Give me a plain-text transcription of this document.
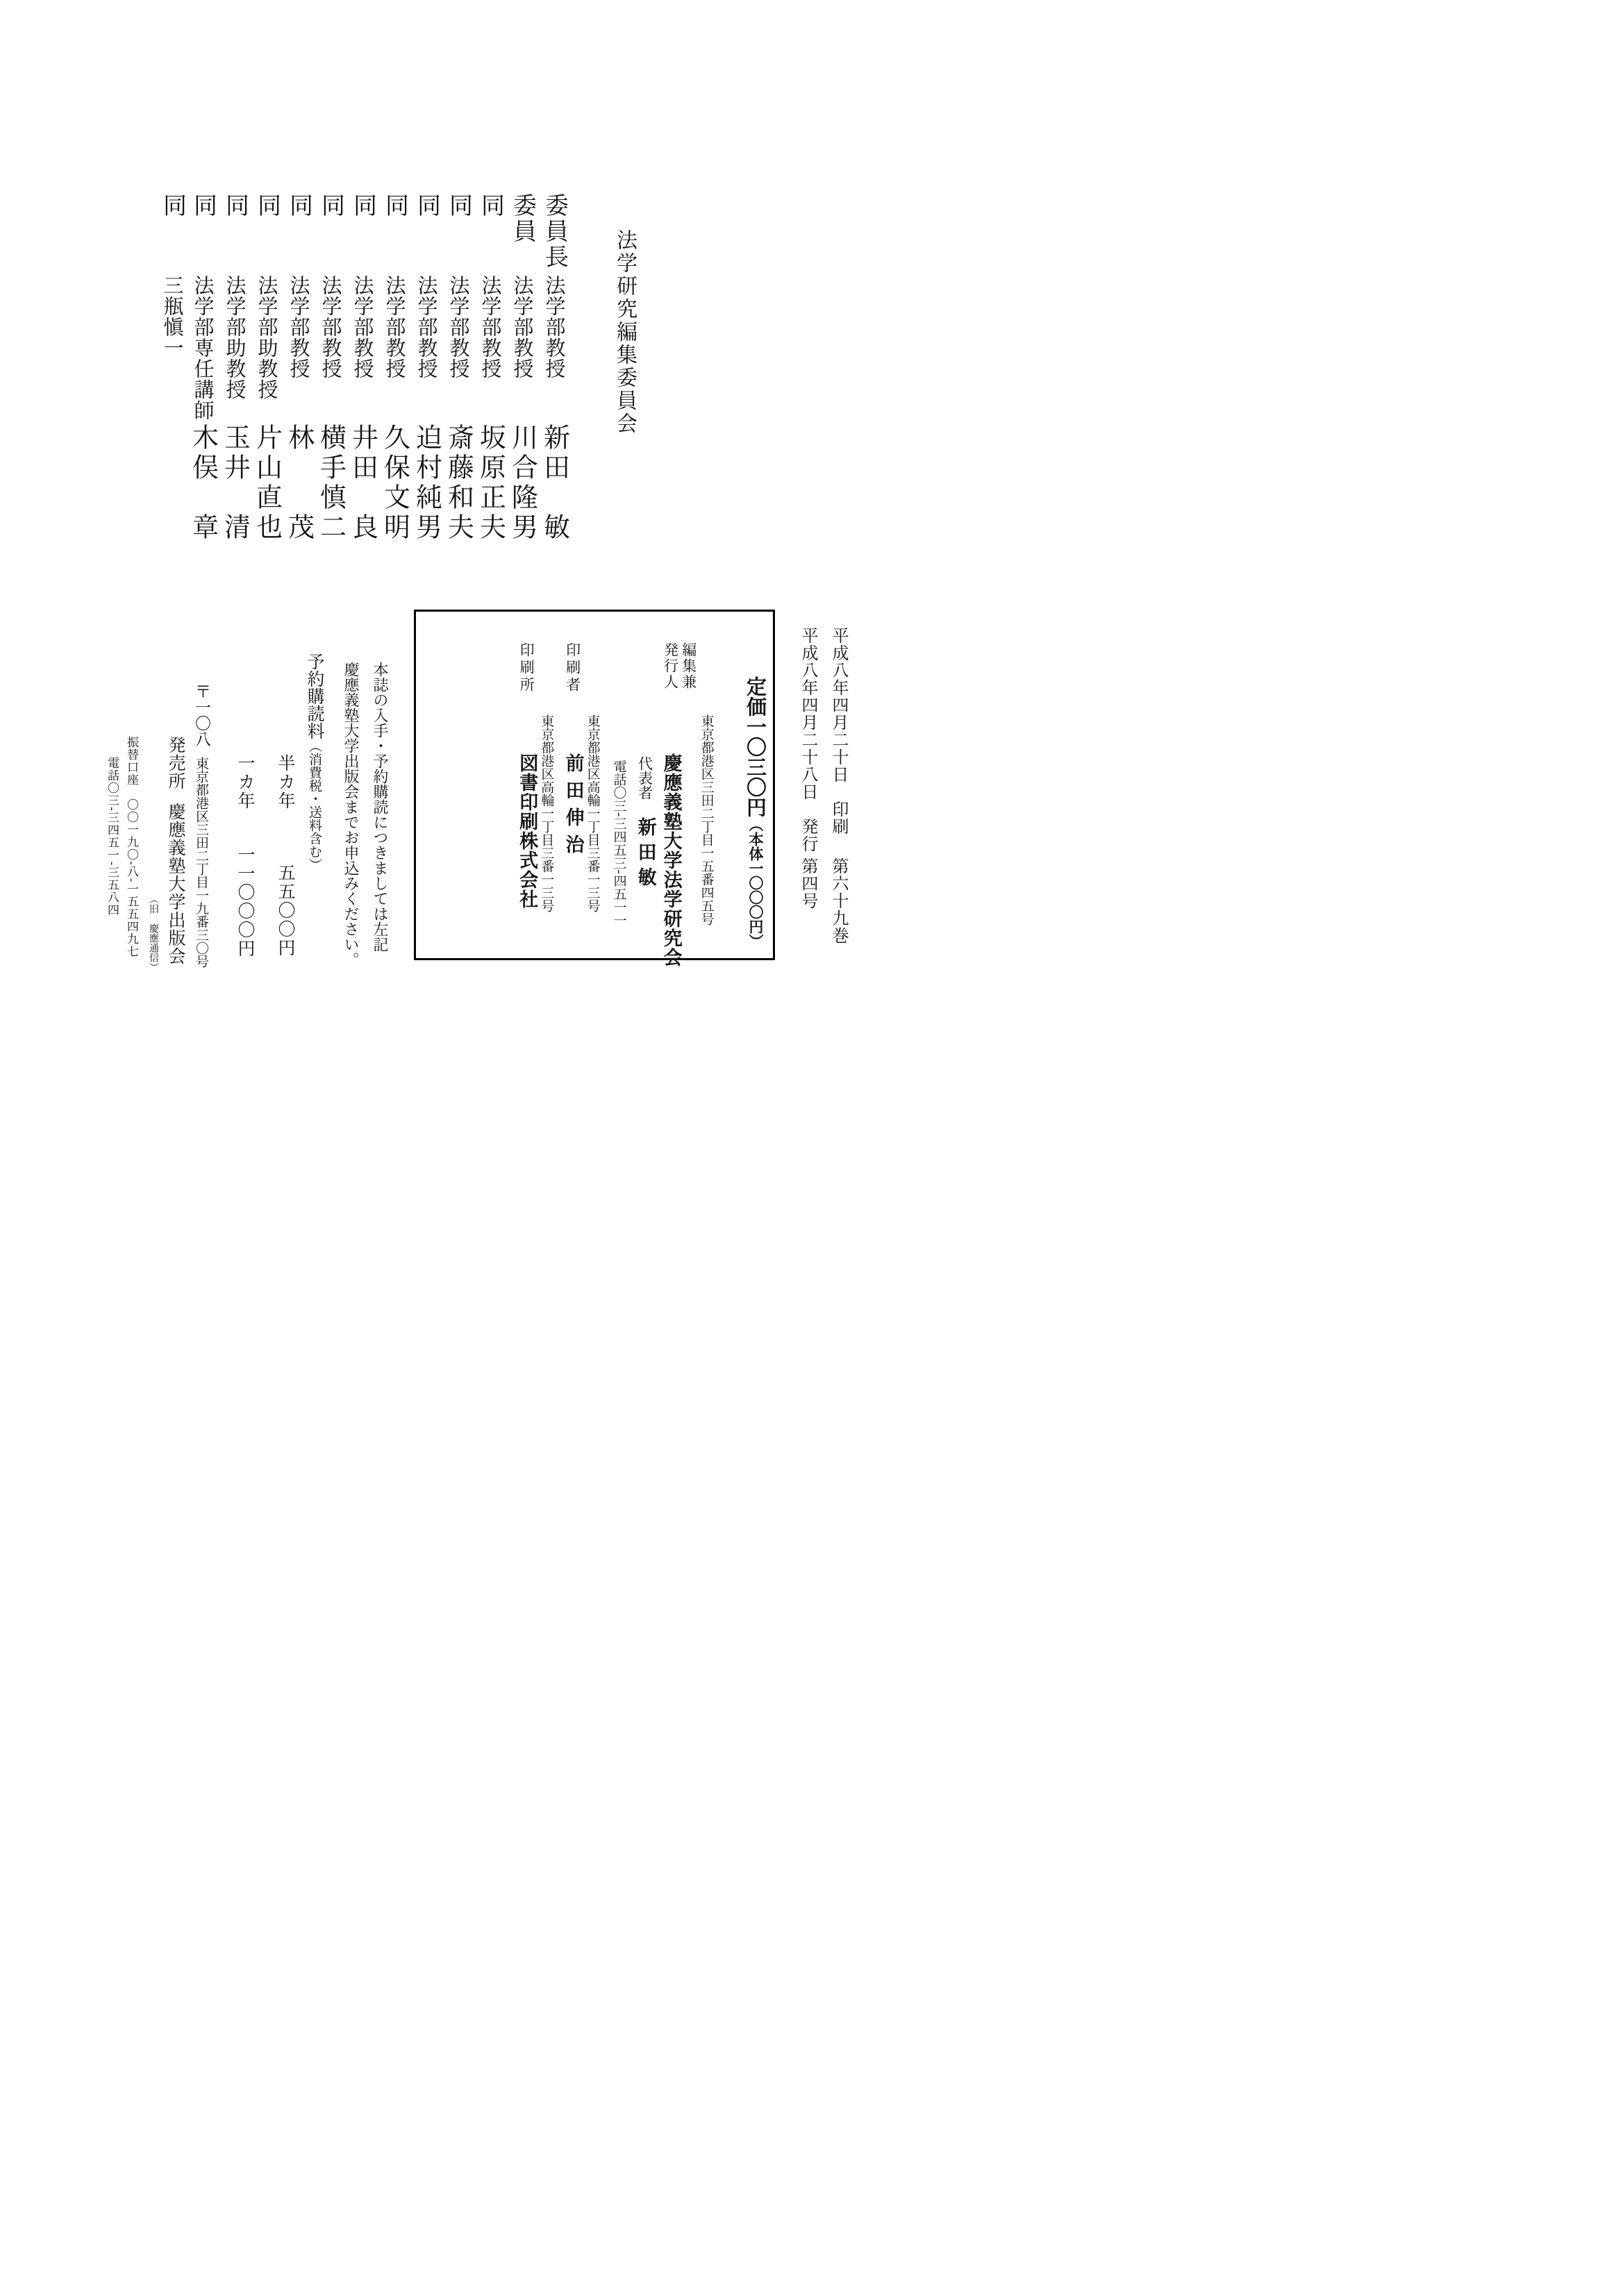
法学研究編集委員会
委員長法学部教授新田　敏
委員法学部教授川合隆男
同法学部教授坂原正夫
同法学部教授斎藤和夫
同法学部教授迫村純男
同法学部教授久保文明
同法学部教授井田　良
同法学部教授横手慎二
同法学部教授林　　茂
同法学部助教授片山直也
同法学部助教授玉井　清
同法学部専任講師木俣　章
同三瓶愼一
平成八年四月二十日　印刷第六十九巻
平成八年四月二十八日　発行第四号
定価一〇三〇円（本体一〇〇〇円）
東京都港区三田二丁目一五番四五号
編集兼
発行人
慶應義塾大学法学研究会
代表者新田敏
電話〇三‐三四五三‐四五一一
東京都港区高輪一丁目三番一三号
印刷者前田伸治
東京都港区高輪一丁目三番一三号
印刷所図書印刷株式会社
本誌の入手・予約購読につきましては左記
慶應義塾大学出版会までお申込みください。
予約購読料（消費税・送料含む）
半カ年五五〇〇円
一カ年一一〇〇〇円
〒一〇八東京都港区三田二丁目一九番三〇号
発売所慶應義塾大学出版会
（旧　慶應通信）
振替口座　〇〇一九〇‐八‐一五五四九七
電話〇三‐三四五一‐三五八四
